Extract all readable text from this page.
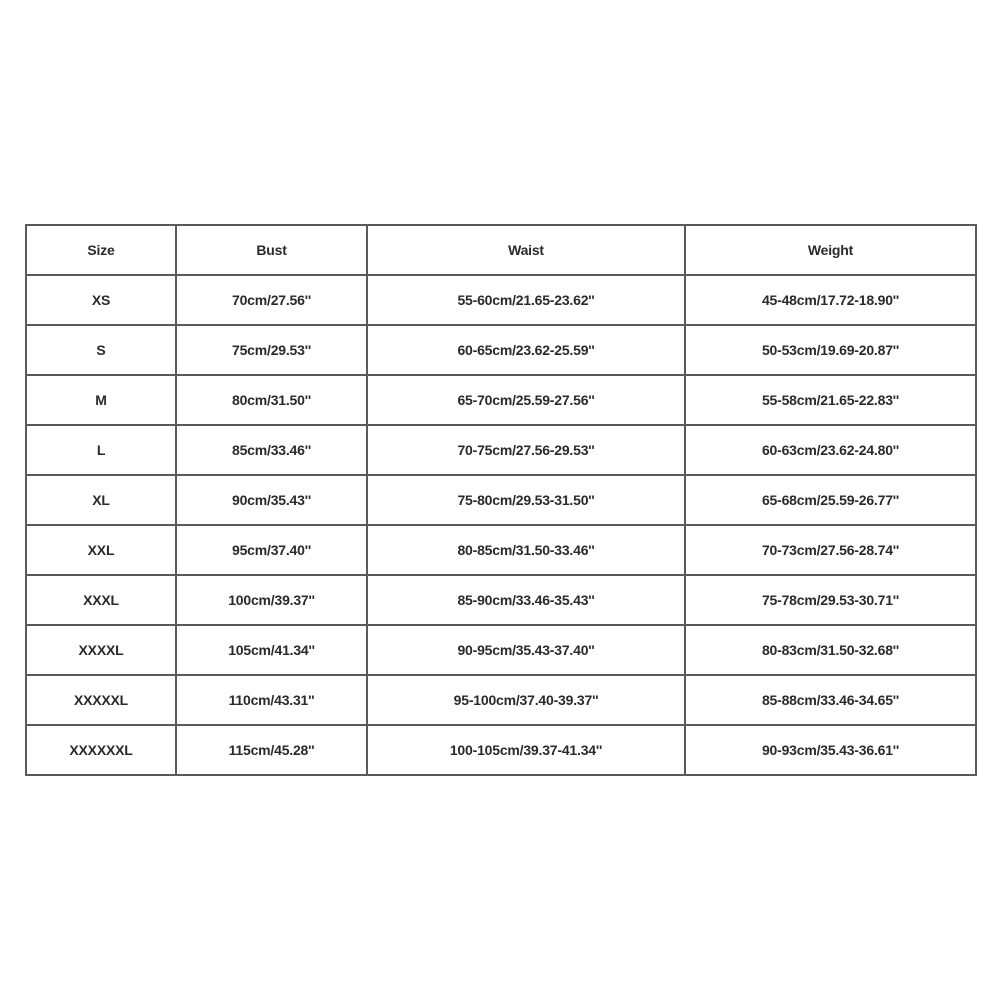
Size	Bust	Waist	Weight
XS	70cm/27.56''	55-60cm/21.65-23.62''	45-48cm/17.72-18.90''
S	75cm/29.53''	60-65cm/23.62-25.59''	50-53cm/19.69-20.87''
M	80cm/31.50''	65-70cm/25.59-27.56''	55-58cm/21.65-22.83''
L	85cm/33.46''	70-75cm/27.56-29.53''	60-63cm/23.62-24.80''
XL	90cm/35.43''	75-80cm/29.53-31.50''	65-68cm/25.59-26.77''
XXL	95cm/37.40''	80-85cm/31.50-33.46''	70-73cm/27.56-28.74''
XXXL	100cm/39.37''	85-90cm/33.46-35.43''	75-78cm/29.53-30.71''
XXXXL	105cm/41.34''	90-95cm/35.43-37.40''	80-83cm/31.50-32.68''
XXXXXL	110cm/43.31''	95-100cm/37.40-39.37''	85-88cm/33.46-34.65''
XXXXXXL	115cm/45.28''	100-105cm/39.37-41.34''	90-93cm/35.43-36.61''
